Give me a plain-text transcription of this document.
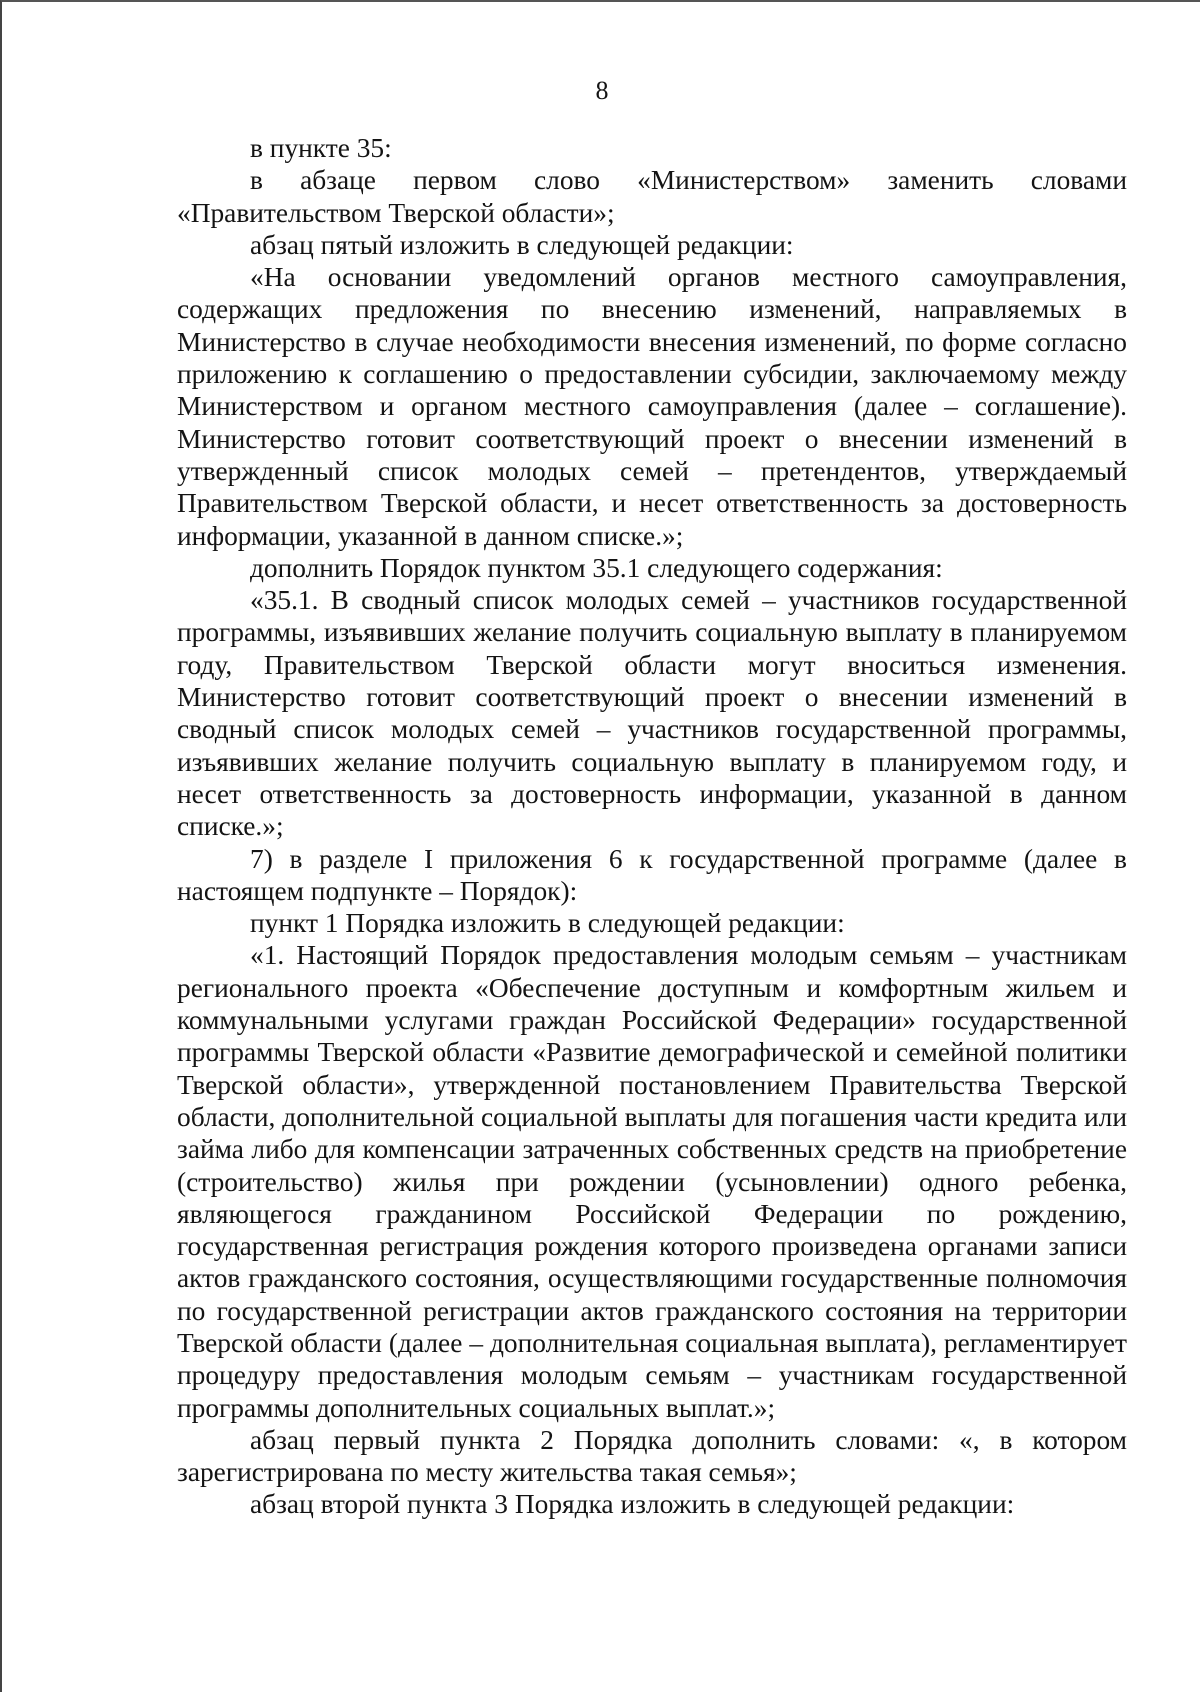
8

в пункте 35:

в абзаце первом слово «Министерством» заменить словами «Правительством Тверской области»;

абзац пятый изложить в следующей редакции:

«На основании уведомлений органов местного самоуправления, содержащих предложения по внесению изменений, направляемых в Министерство в случае необходимости внесения изменений, по форме согласно приложению к соглашению о предоставлении субсидии, заключаемому между Министерством и органом местного самоуправления (далее – соглашение). Министерство готовит соответствующий проект о внесении изменений в утвержденный список молодых семей – претендентов, утверждаемый Правительством Тверской области, и несет ответственность за достоверность информации, указанной в данном списке.»;

дополнить Порядок пунктом 35.1 следующего содержания:

«35.1. В сводный список молодых семей – участников государственной программы, изъявивших желание получить социальную выплату в планируемом году, Правительством Тверской области могут вноситься изменения. Министерство готовит соответствующий проект о внесении изменений в сводный список молодых семей – участников государственной программы, изъявивших желание получить социальную выплату в планируемом году, и несет ответственность за достоверность информации, указанной в данном списке.»;

7) в разделе I приложения 6 к государственной программе (далее в настоящем подпункте – Порядок):

пункт 1 Порядка изложить в следующей редакции:

«1. Настоящий Порядок предоставления молодым семьям – участникам регионального проекта «Обеспечение доступным и комфортным жильем и коммунальными услугами граждан Российской Федерации» государственной программы Тверской области «Развитие демографической и семейной политики Тверской области», утвержденной постановлением Правительства Тверской области, дополнительной социальной выплаты для погашения части кредита или займа либо для компенсации затраченных собственных средств на приобретение (строительство) жилья при рождении (усыновлении) одного ребенка, являющегося гражданином Российской Федерации по рождению, государственная регистрация рождения которого произведена органами записи актов гражданского состояния, осуществляющими государственные полномочия по государственной регистрации актов гражданского состояния на территории Тверской области (далее – дополнительная социальная выплата), регламентирует процедуру предоставления молодым семьям – участникам государственной программы дополнительных социальных выплат.»;

абзац первый пункта 2 Порядка дополнить словами: «, в котором зарегистрирована по месту жительства такая семья»;

абзац второй пункта 3 Порядка изложить в следующей редакции:
